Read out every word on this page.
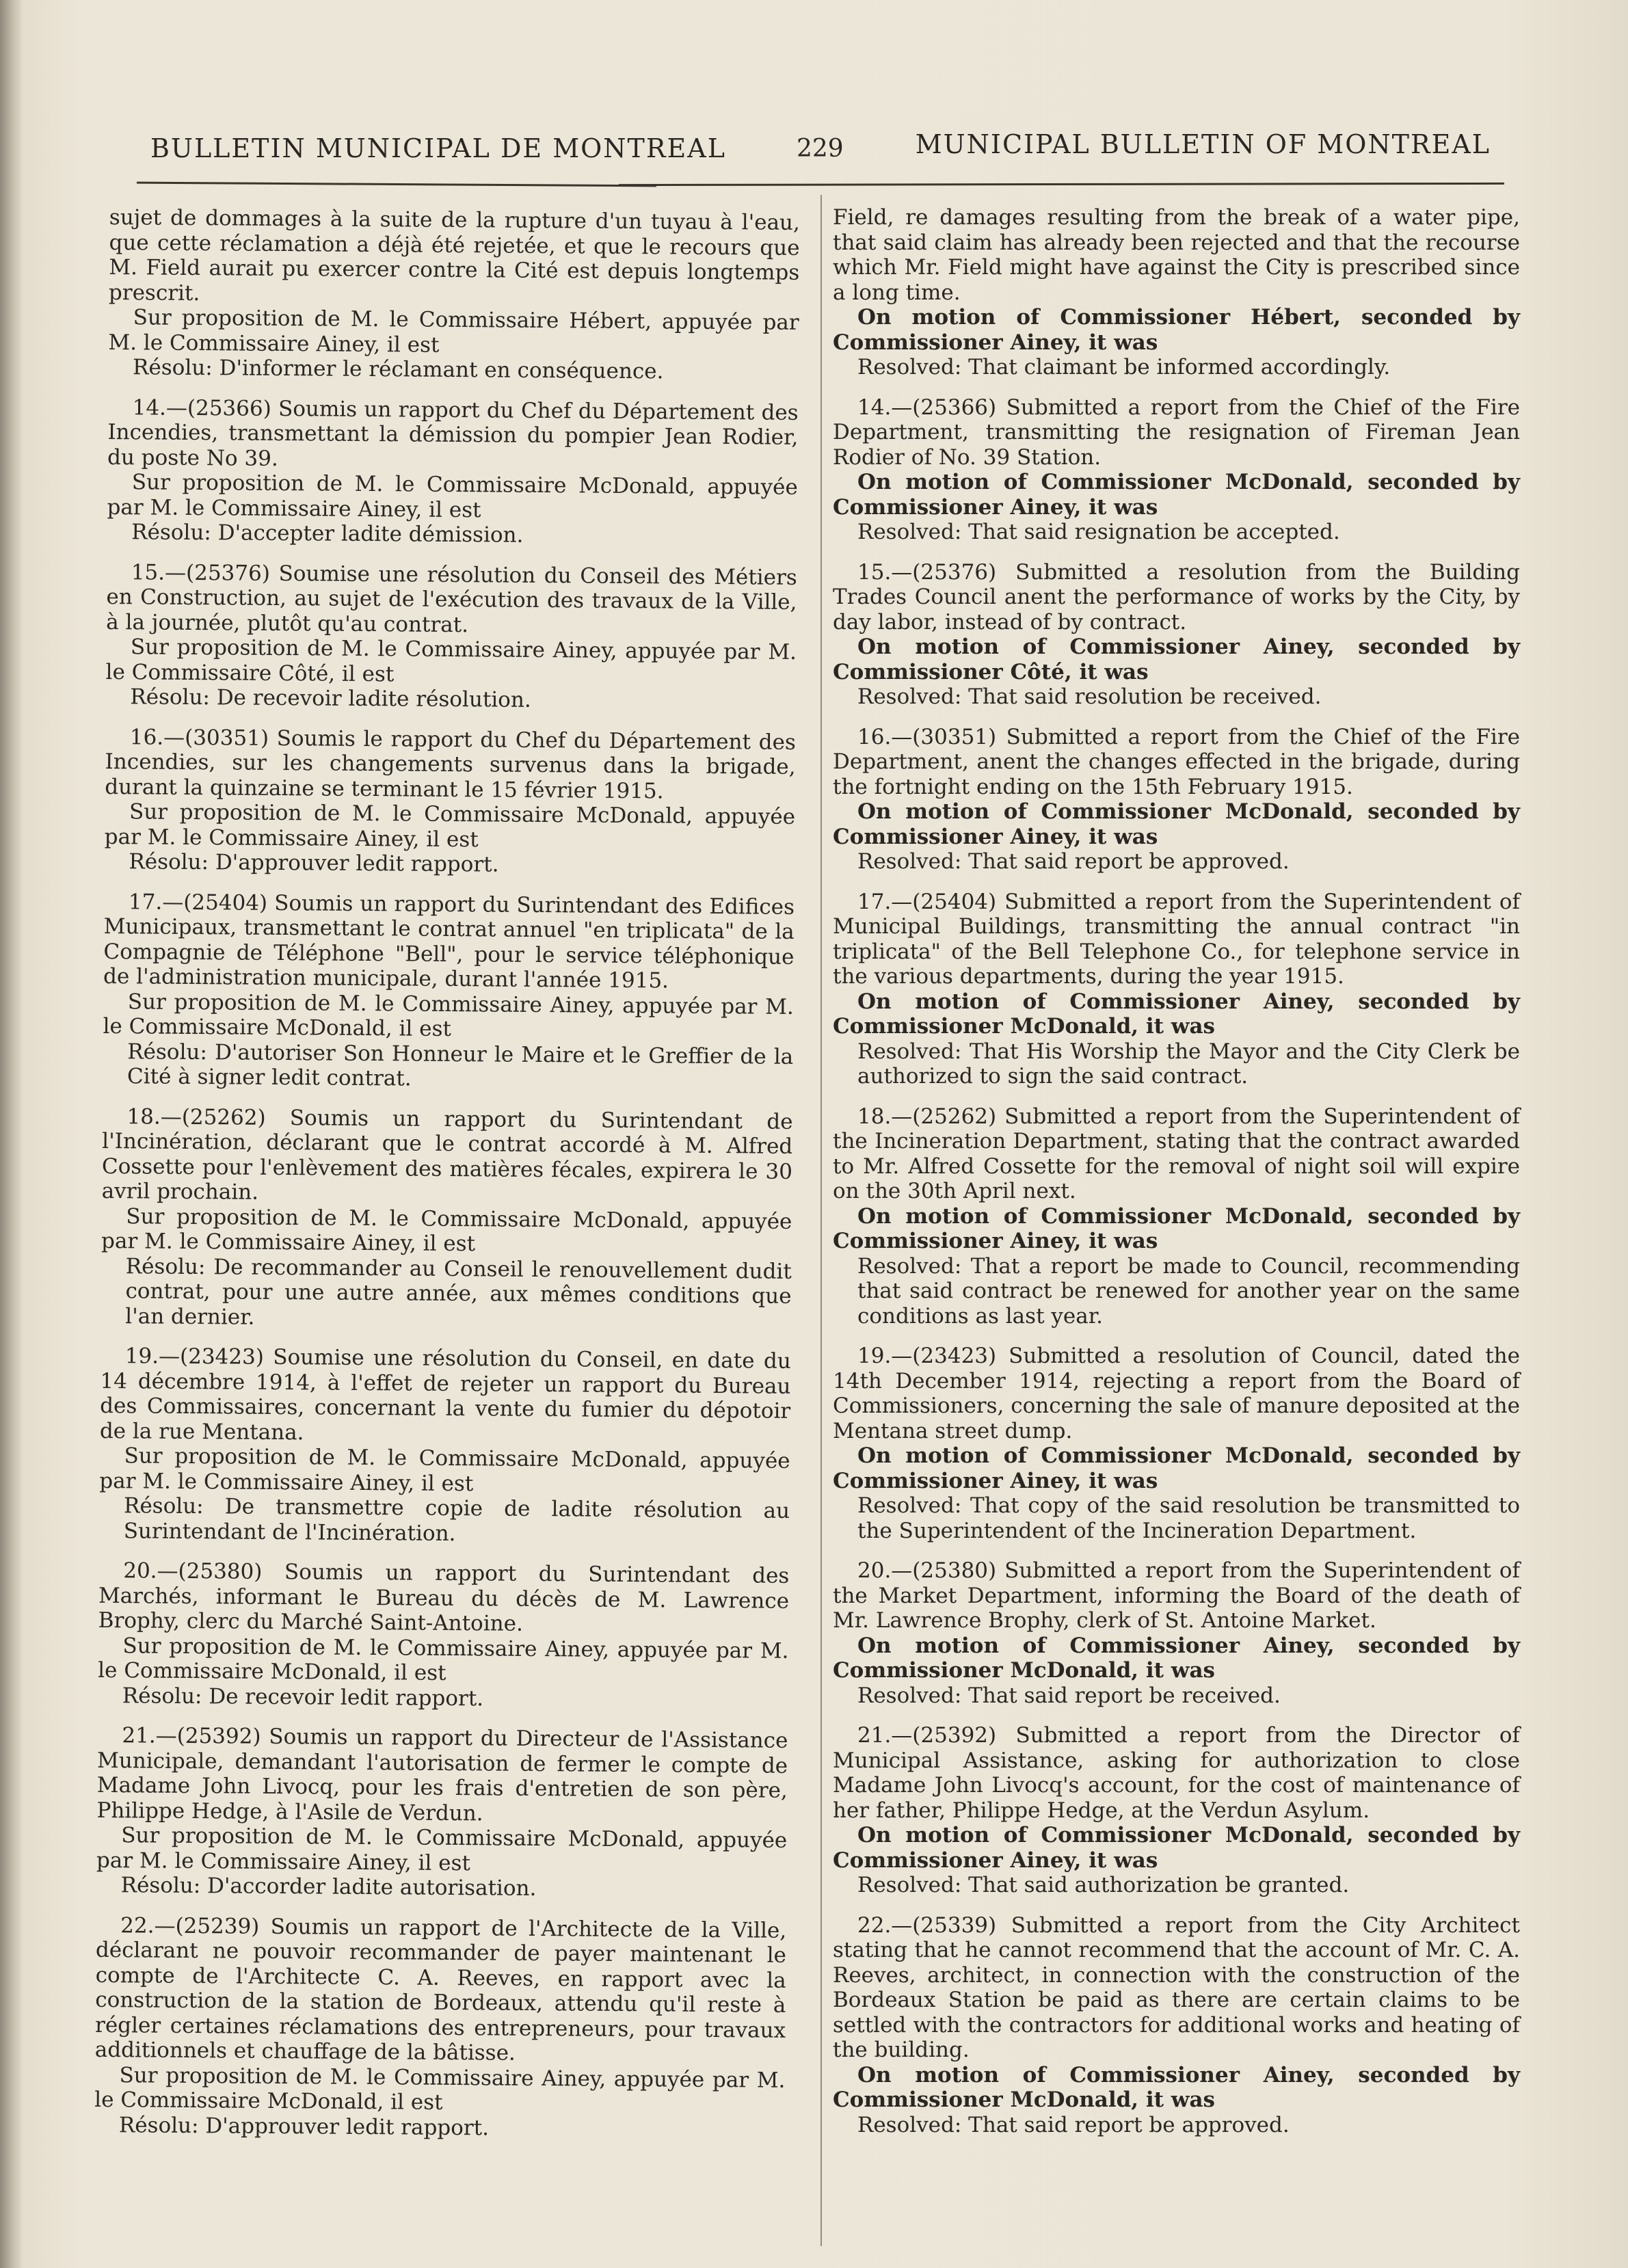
BULLETIN MUNICIPAL DE MONTREAL	229	MUNICIPAL BULLETIN OF MONTREAL

sujet de dommages à la suite de la rupture d'un tuyau à l'eau, que cette réclamation a déjà été rejetée, et que le recours que M. Field aurait pu exercer contre la Cité est depuis longtemps prescrit.

Sur proposition de M. le Commissaire Hébert, appuyée par M. le Commissaire Ainey, il est

Résolu: D'informer le réclamant en conséquence.

14.—(25366) Soumis un rapport du Chef du Département des Incendies, transmettant la démission du pompier Jean Rodier, du poste No 39.

Sur proposition de M. le Commissaire McDonald, appuyée par M. le Commissaire Ainey, il est

Résolu: D'accepter ladite démission.

15.—(25376) Soumise une résolution du Conseil des Métiers en Construction, au sujet de l'exécution des travaux de la Ville, à la journée, plutôt qu'au contrat.

Sur proposition de M. le Commissaire Ainey, appuyée par M. le Commissaire Côté, il est

Résolu: De recevoir ladite résolution.

16.—(30351) Soumis le rapport du Chef du Département des Incendies, sur les changements survenus dans la brigade, durant la quinzaine se terminant le 15 février 1915.

Sur proposition de M. le Commissaire McDonald, appuyée par M. le Commissaire Ainey, il est

Résolu: D'approuver ledit rapport.

17.—(25404) Soumis un rapport du Surintendant des Edifices Municipaux, transmettant le contrat annuel "en triplicata" de la Compagnie de Téléphone "Bell", pour le service téléphonique de l'administration municipale, durant l'année 1915.

Sur proposition de M. le Commissaire Ainey, appuyée par M. le Commissaire McDonald, il est

Résolu: D'autoriser Son Honneur le Maire et le Greffier de la Cité à signer ledit contrat.

18.—(25262) Soumis un rapport du Surintendant de l'Incinération, déclarant que le contrat accordé à M. Alfred Cossette pour l'enlèvement des matières fécales, expirera le 30 avril prochain.

Sur proposition de M. le Commissaire McDonald, appuyée par M. le Commissaire Ainey, il est

Résolu: De recommander au Conseil le renouvellement dudit contrat, pour une autre année, aux mêmes conditions que l'an dernier.

19.—(23423) Soumise une résolution du Conseil, en date du 14 décembre 1914, à l'effet de rejeter un rapport du Bureau des Commissaires, concernant la vente du fumier du dépotoir de la rue Mentana.

Sur proposition de M. le Commissaire McDonald, appuyée par M. le Commissaire Ainey, il est

Résolu: De transmettre copie de ladite résolution au Surintendant de l'Incinération.

20.—(25380) Soumis un rapport du Surintendant des Marchés, informant le Bureau du décès de M. Lawrence Brophy, clerc du Marché Saint-Antoine.

Sur proposition de M. le Commissaire Ainey, appuyée par M. le Commissaire McDonald, il est

Résolu: De recevoir ledit rapport.

21.—(25392) Soumis un rapport du Directeur de l'Assistance Municipale, demandant l'autorisation de fermer le compte de Madame John Livocq, pour les frais d'entretien de son père, Philippe Hedge, à l'Asile de Verdun.

Sur proposition de M. le Commissaire McDonald, appuyée par M. le Commissaire Ainey, il est

Résolu: D'accorder ladite autorisation.

22.—(25239) Soumis un rapport de l'Architecte de la Ville, déclarant ne pouvoir recommander de payer maintenant le compte de l'Architecte C. A. Reeves, en rapport avec la construction de la station de Bordeaux, attendu qu'il reste à régler certaines réclamations des entrepreneurs, pour travaux additionnels et chauffage de la bâtisse.

Sur proposition de M. le Commissaire Ainey, appuyée par M. le Commissaire McDonald, il est

Résolu: D'approuver ledit rapport.

Field, re damages resulting from the break of a water pipe, that said claim has already been rejected and that the recourse which Mr. Field might have against the City is prescribed since a long time.

On motion of Commissioner Hébert, seconded by Commissioner Ainey, it was

Resolved: That claimant be informed accordingly.

14.—(25366) Submitted a report from the Chief of the Fire Department, transmitting the resignation of Fireman Jean Rodier of No. 39 Station.

On motion of Commissioner McDonald, seconded by Commissioner Ainey, it was

Resolved: That said resignation be accepted.

15.—(25376) Submitted a resolution from the Building Trades Council anent the performance of works by the City, by day labor, instead of by contract.

On motion of Commissioner Ainey, seconded by Commissioner Côté, it was

Resolved: That said resolution be received.

16.—(30351) Submitted a report from the Chief of the Fire Department, anent the changes effected in the brigade, during the fortnight ending on the 15th February 1915.

On motion of Commissioner McDonald, seconded by Commissioner Ainey, it was

Resolved: That said report be approved.

17.—(25404) Submitted a report from the Superintendent of Municipal Buildings, transmitting the annual contract "in triplicata" of the Bell Telephone Co., for telephone service in the various departments, during the year 1915.

On motion of Commissioner Ainey, seconded by Commissioner McDonald, it was

Resolved: That His Worship the Mayor and the City Clerk be authorized to sign the said contract.

18.—(25262) Submitted a report from the Superintendent of the Incineration Department, stating that the contract awarded to Mr. Alfred Cossette for the removal of night soil will expire on the 30th April next.

On motion of Commissioner McDonald, seconded by Commissioner Ainey, it was

Resolved: That a report be made to Council, recommending that said contract be renewed for another year on the same conditions as last year.

19.—(23423) Submitted a resolution of Council, dated the 14th December 1914, rejecting a report from the Board of Commissioners, concerning the sale of manure deposited at the Mentana street dump.

On motion of Commissioner McDonald, seconded by Commissioner Ainey, it was

Resolved: That copy of the said resolution be transmitted to the Superintendent of the Incineration Department.

20.—(25380) Submitted a report from the Superintendent of the Market Department, informing the Board of the death of Mr. Lawrence Brophy, clerk of St. Antoine Market.

On motion of Commissioner Ainey, seconded by Commissioner McDonald, it was

Resolved: That said report be received.

21.—(25392) Submitted a report from the Director of Municipal Assistance, asking for authorization to close Madame John Livocq's account, for the cost of maintenance of her father, Philippe Hedge, at the Verdun Asylum.

On motion of Commissioner McDonald, seconded by Commissioner Ainey, it was

Resolved: That said authorization be granted.

22.—(25339) Submitted a report from the City Architect stating that he cannot recommend that the account of Mr. C. A. Reeves, architect, in connection with the construction of the Bordeaux Station be paid as there are certain claims to be settled with the contractors for additional works and heating of the building.

On motion of Commissioner Ainey, seconded by Commissioner McDonald, it was

Resolved: That said report be approved.
